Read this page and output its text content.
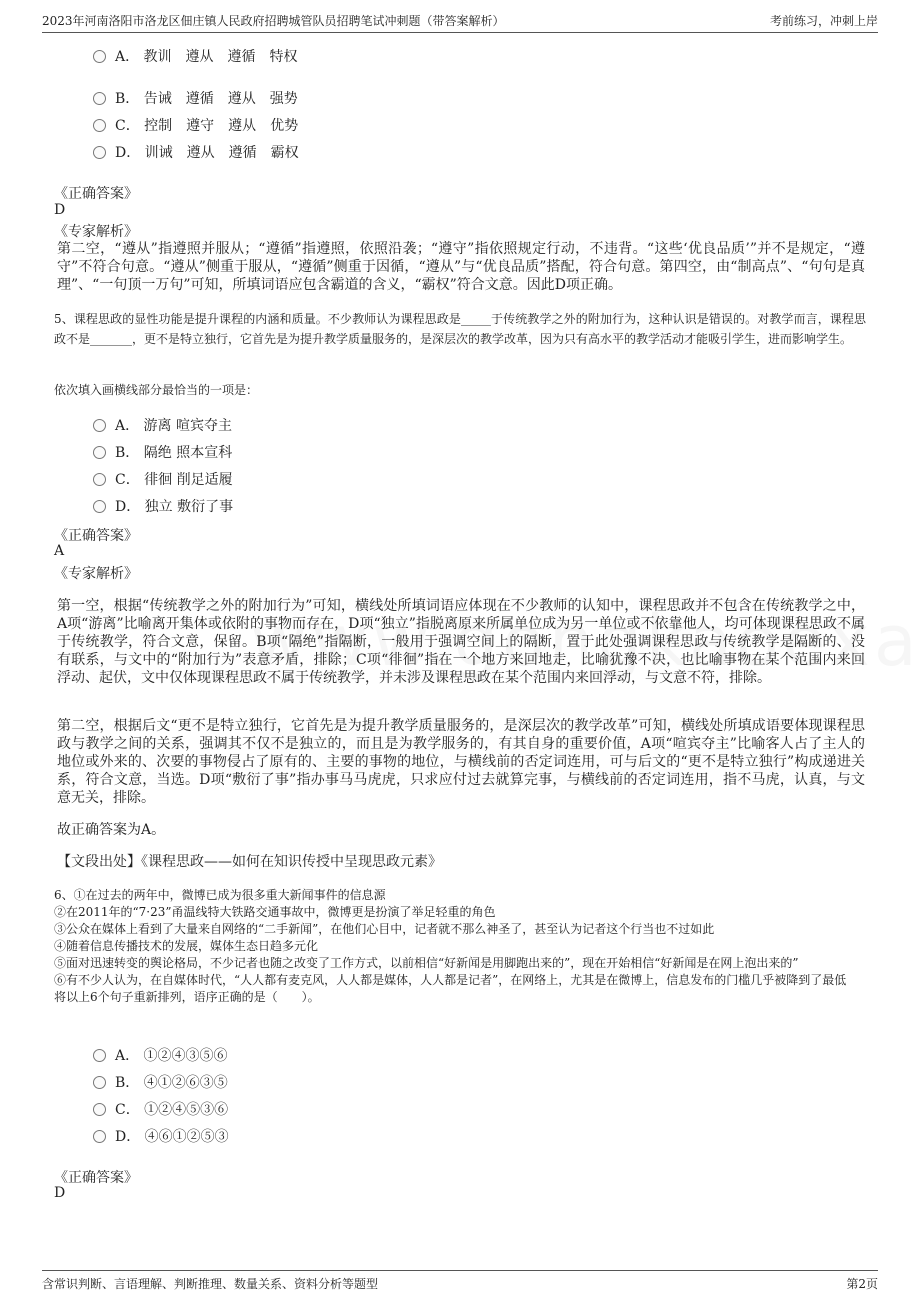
2023年河南洛阳市洛龙区佃庄镇人民政府招聘城管队员招聘笔试冲刺题（带答案解析）	考前练习，冲刺上岸
A． 教训　遵从　遵循　特权
B． 告诫　遵循　遵从　强势
C． 控制　遵守　遵从　优势
D． 训诫　遵从　遵循　霸权
《正确答案》
D
《专家解析》
第二空，“遵从”指遵照并服从；“遵循”指遵照，依照沿袭；“遵守”指依照规定行动，不违背。“这些‘优良品质’”并不是规定，“遵守”不符合句意。“遵从”侧重于服从，“遵循”侧重于因循，“遵从”与“优良品质”搭配，符合句意。第四空，由“制高点”、“句句是真理”、“一句顶一万句”可知，所填词语应包含霸道的含义，“霸权”符合文意。因此D项正确。
5、课程思政的显性功能是提升课程的内涵和质量。不少教师认为课程思政是_____于传统教学之外的附加行为，这种认识是错误的。对教学而言，课程思政不是_______，更不是特立独行，它首先是为提升教学质量服务的，是深层次的教学改革，因为只有高水平的教学活动才能吸引学生，进而影响学生。
依次填入画横线部分最恰当的一项是：
A． 游离 喧宾夺主
B． 隔绝 照本宣科
C． 徘徊 削足适履
D． 独立 敷衍了事
《正确答案》
A
《专家解析》
第一空，根据“传统教学之外的附加行为”可知，横线处所填词语应体现在不少教师的认知中，课程思政并不包含在传统教学之中，A项“游离”比喻离开集体或依附的事物而存在，D项“独立”指脱离原来所属单位成为另一单位或不依靠他人，均可体现课程思政不属于传统教学，符合文意，保留。B项“隔绝”指隔断，一般用于强调空间上的隔断，置于此处强调课程思政与传统教学是隔断的、没有联系，与文中的“附加行为”表意矛盾，排除；C项“徘徊”指在一个地方来回地走，比喻犹豫不决，也比喻事物在某个范围内来回浮动、起伏，文中仅体现课程思政不属于传统教学，并未涉及课程思政在某个范围内来回浮动，与文意不符，排除。
第二空，根据后文“更不是特立独行，它首先是为提升教学质量服务的，是深层次的教学改革”可知，横线处所填成语要体现课程思政与教学之间的关系，强调其不仅不是独立的，而且是为教学服务的，有其自身的重要价值，A项“喧宾夺主”比喻客人占了主人的地位或外来的、次要的事物侵占了原有的、主要的事物的地位，与横线前的否定词连用，可与后文的“更不是特立独行”构成递进关系，符合文意，当选。D项“敷衍了事”指办事马马虎虎，只求应付过去就算完事，与横线前的否定词连用，指不马虎，认真，与文意无关，排除。
故正确答案为A。
【文段出处】《课程思政——如何在知识传授中呈现思政元素》
6、①在过去的两年中，微博已成为很多重大新闻事件的信息源
②在2011年的“7·23”甬温线特大铁路交通事故中，微博更是扮演了举足轻重的角色
③公众在媒体上看到了大量来自网络的“二手新闻”，在他们心目中，记者就不那么神圣了，甚至认为记者这个行当也不过如此
④随着信息传播技术的发展，媒体生态日趋多元化
⑤面对迅速转变的舆论格局，不少记者也随之改变了工作方式，以前相信“好新闻是用脚跑出来的”，现在开始相信“好新闻是在网上泡出来的”
⑥有不少人认为，在自媒体时代，“人人都有麦克风，人人都是媒体，人人都是记者”，在网络上，尤其是在微博上，信息发布的门槛几乎被降到了最低
将以上6个句子重新排列，语序正确的是（　　）。
A． ①②④③⑤⑥
B． ④①②⑥③⑤
C． ①②④⑤③⑥
D． ④⑥①②⑤③
《正确答案》
D
含常识判断、言语理解、判断推理、数量关系、资料分析等题型	第2页
